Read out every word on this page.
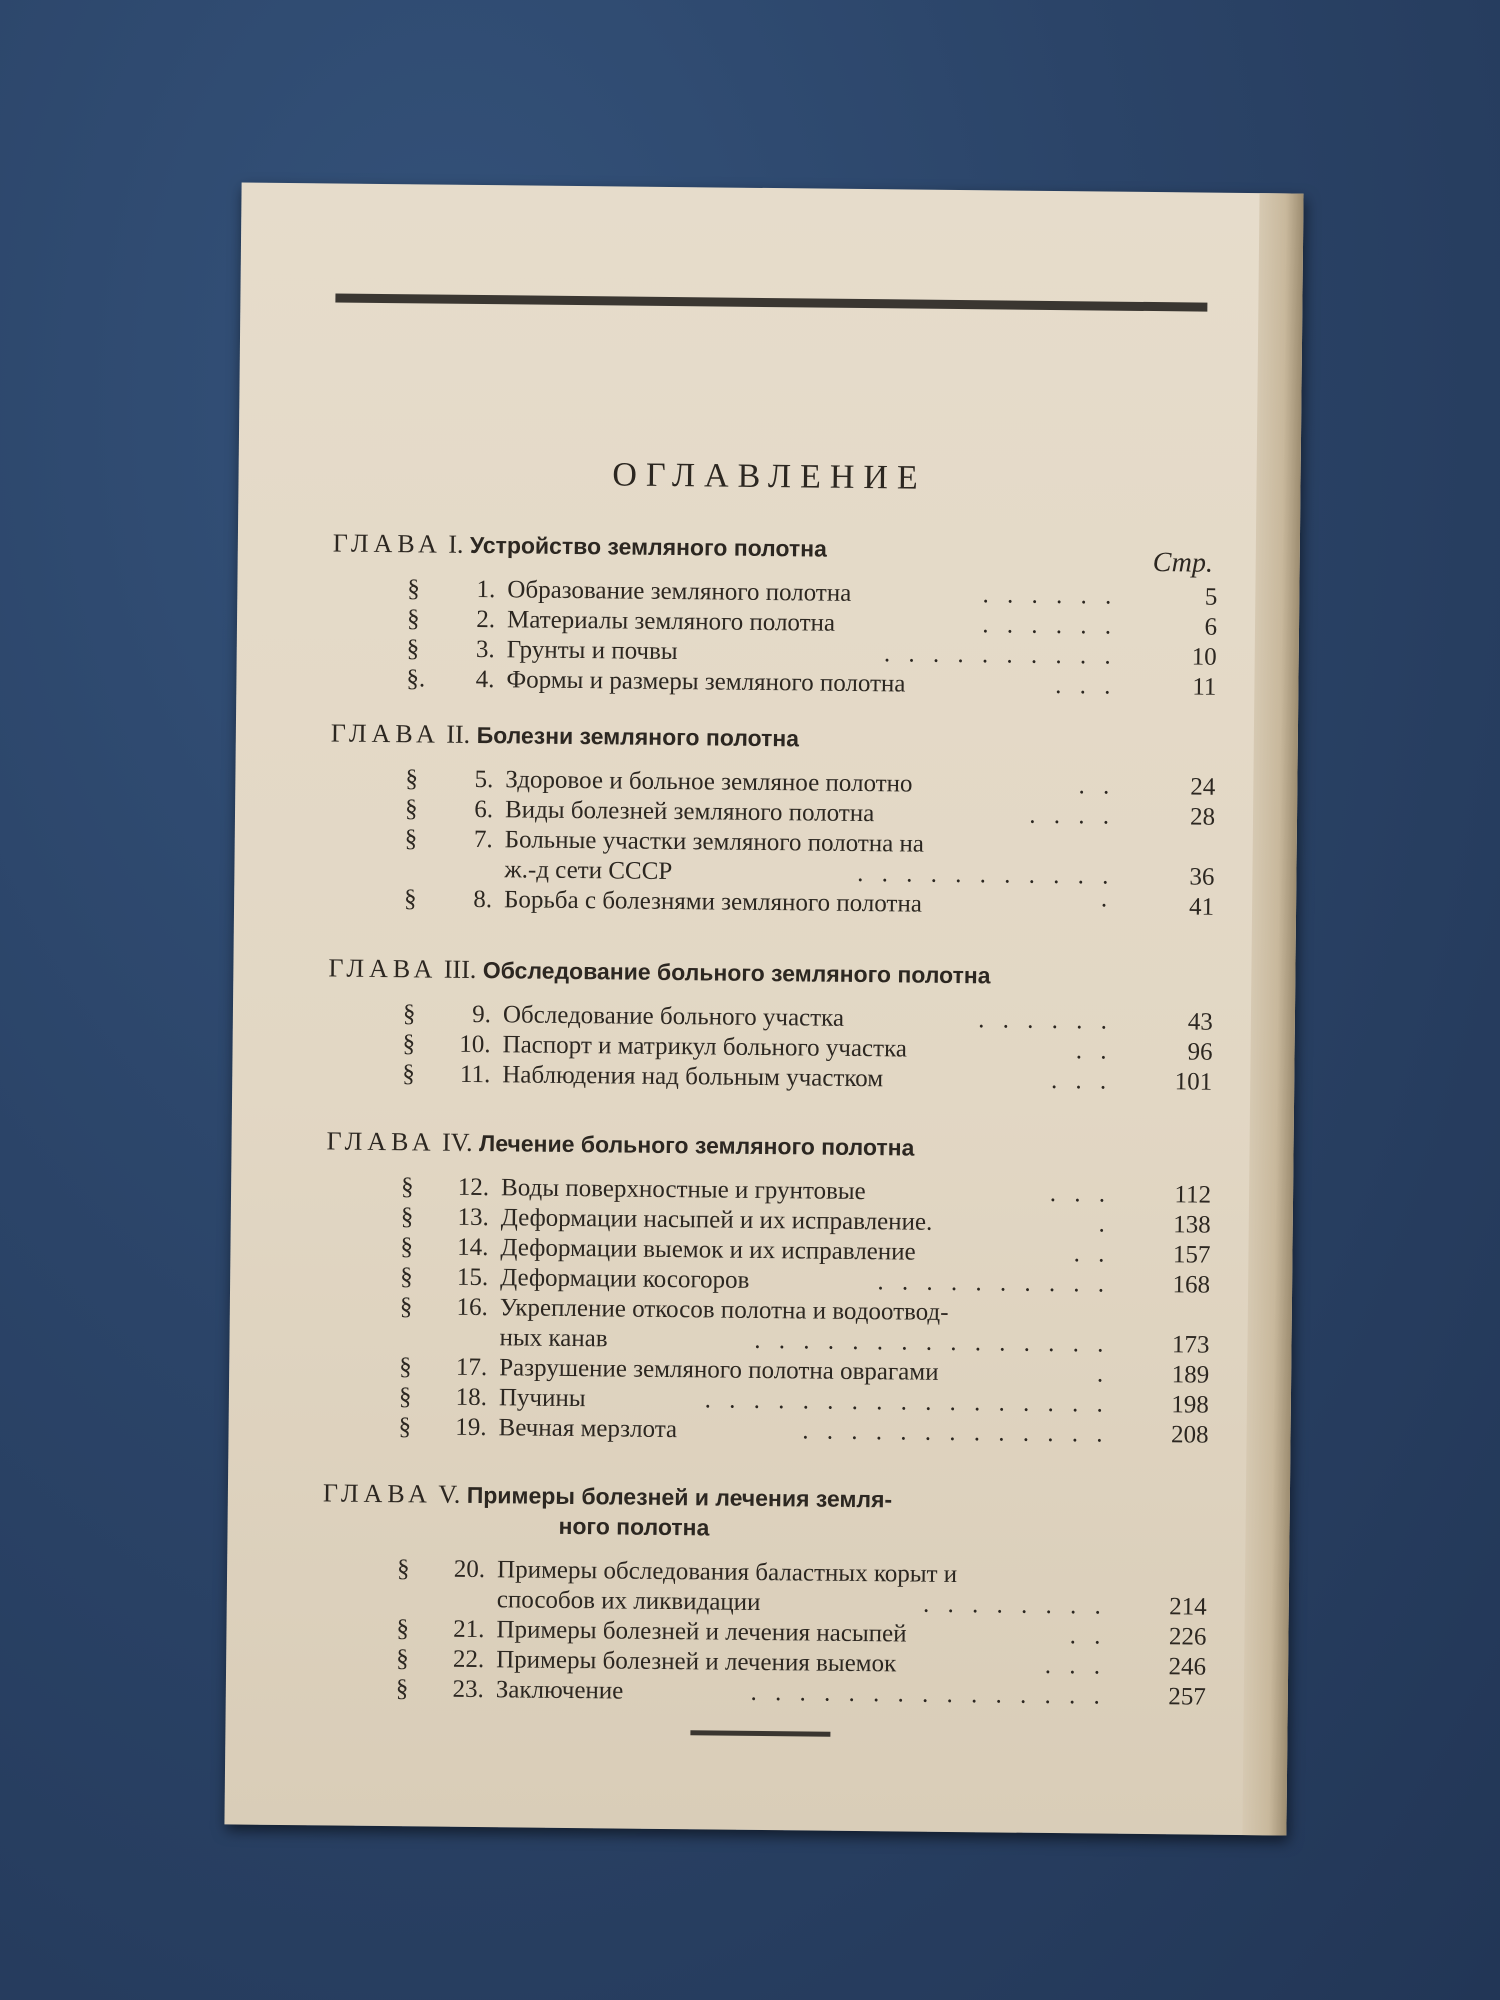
ОГЛАВЛЕНИЕ
Стр.
ГЛАВА I. Устройство земляного полотна
ГЛАВА II. Болезни земляного полотна
ГЛАВА III. Обследование больного земляного полотна
ГЛАВА IV. Лечение больного земляного полотна
ГЛАВА V. Примеры болезней и лечения земля-
ного полотна
§	1. Образование земляного полотна	. . . . . .	5
§	2. Материалы земляного полотна	. . . . . .	6
§	3. Грунты и почвы	. . . . . . . . . .	10
§.	4. Формы и размеры земляного полотна	. . .	11
§	5. Здоровое и больное земляное полотно	. .	24
§	6. Виды болезней земляного полотна	. . . .	28
§	7. Больные участки земляного полотна на
ж.-д сети СССР	. . . . . . . . . . .	36
§	8. Борьба с болезнями земляного полотна	·	41
§	9. Обследование больного участка	. . . . . .	43
§	10. Паспорт и матрикул больного участка	. .	96
§	11. Наблюдения над больным участком	. . .	101
§	12. Воды поверхностные и грунтовые	. . .	112
§	13. Деформации насыпей и их исправление.	.	138
§	14. Деформации выемок и их исправление	. .	157
§	15. Деформации косогоров	. . . . . . . . . .	168
§	16. Укрепление откосов полотна и водоотвод-
ных канав	. . . . . . . . . . . . . . .	173
§	17. Разрушение земляного полотна оврагами	.	189
§	18. Пучины	. . . . . . . . . . . . . . . . .	198
§	19. Вечная мерзлота	. . . . . . . . . . . . .	208
§	20. Примеры обследования баластных корыт и
способов их ликвидации	. . . . . . . .	214
§	21. Примеры болезней и лечения насыпей	. .	226
§	22. Примеры болезней и лечения выемок	. . .	246
§	23. Заключение	. . . . . . . . . . . . . . .	257
